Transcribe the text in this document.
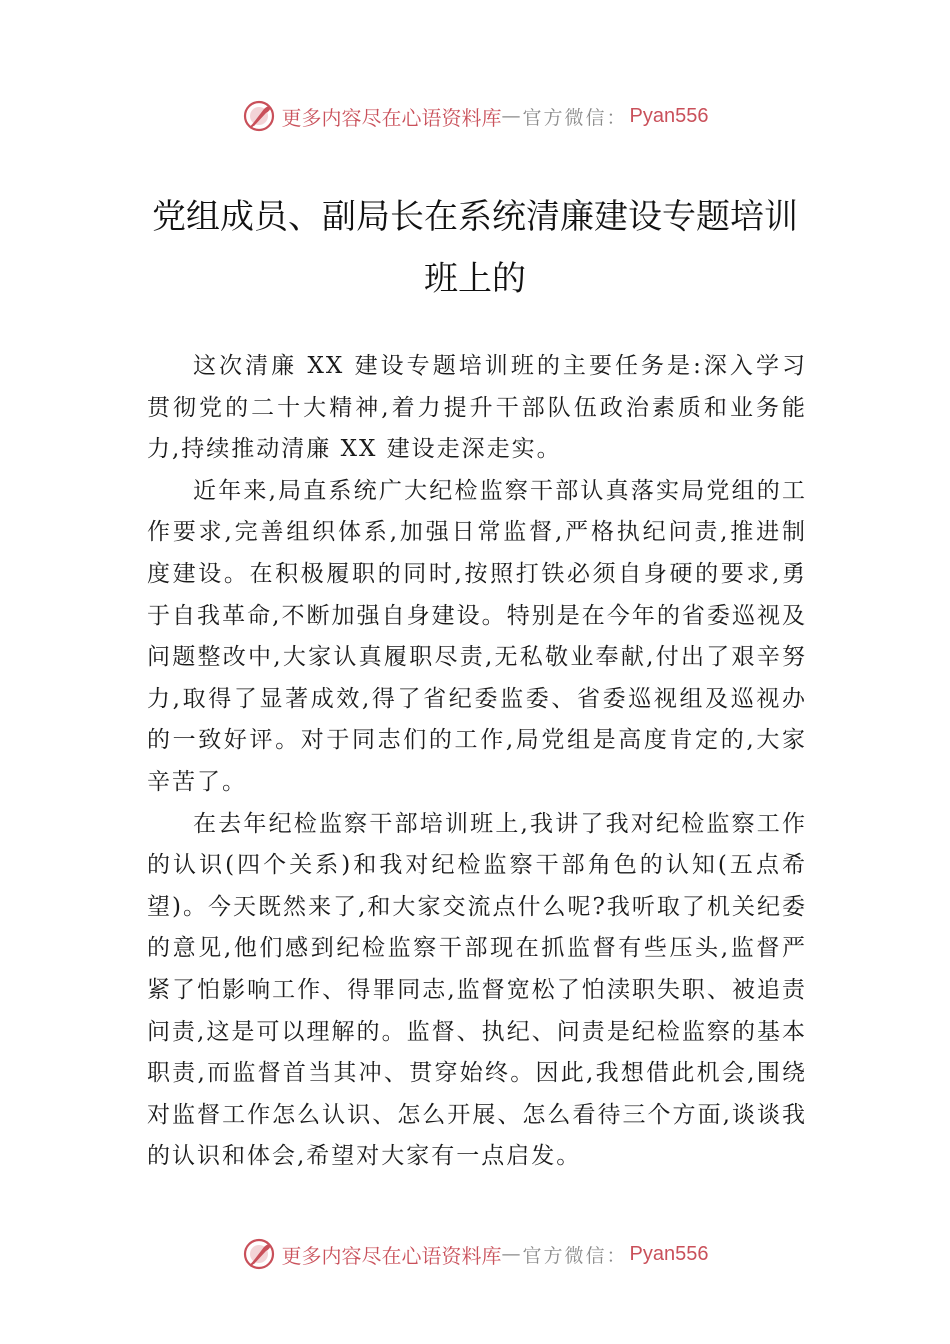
更多内容尽在心语资料库 — 官方微信： Pyan556
党组成员、副局长在系统清廉建设专题培训班上的

这次清廉 XX 建设专题培训班的主要任务是:深入学习贯彻党的二十大精神,着力提升干部队伍政治素质和业务能力,持续推动清廉 XX 建设走深走实。

近年来,局直系统广大纪检监察干部认真落实局党组的工作要求,完善组织体系,加强日常监督,严格执纪问责,推进制度建设。在积极履职的同时,按照打铁必须自身硬的要求,勇于自我革命,不断加强自身建设。特别是在今年的省委巡视及问题整改中,大家认真履职尽责,无私敬业奉献,付出了艰辛努力,取得了显著成效,得了省纪委监委、省委巡视组及巡视办的一致好评。对于同志们的工作,局党组是高度肯定的,大家辛苦了。

在去年纪检监察干部培训班上,我讲了我对纪检监察工作的认识(四个关系)和我对纪检监察干部角色的认知(五点希望)。今天既然来了,和大家交流点什么呢?我听取了机关纪委的意见,他们感到纪检监察干部现在抓监督有些压头,监督严紧了怕影响工作、得罪同志,监督宽松了怕渎职失职、被追责问责,这是可以理解的。监督、执纪、问责是纪检监察的基本职责,而监督首当其冲、贯穿始终。因此,我想借此机会,围绕对监督工作怎么认识、怎么开展、怎么看待三个方面,谈谈我的认识和体会,希望对大家有一点启发。

更多内容尽在心语资料库 — 官方微信： Pyan556
